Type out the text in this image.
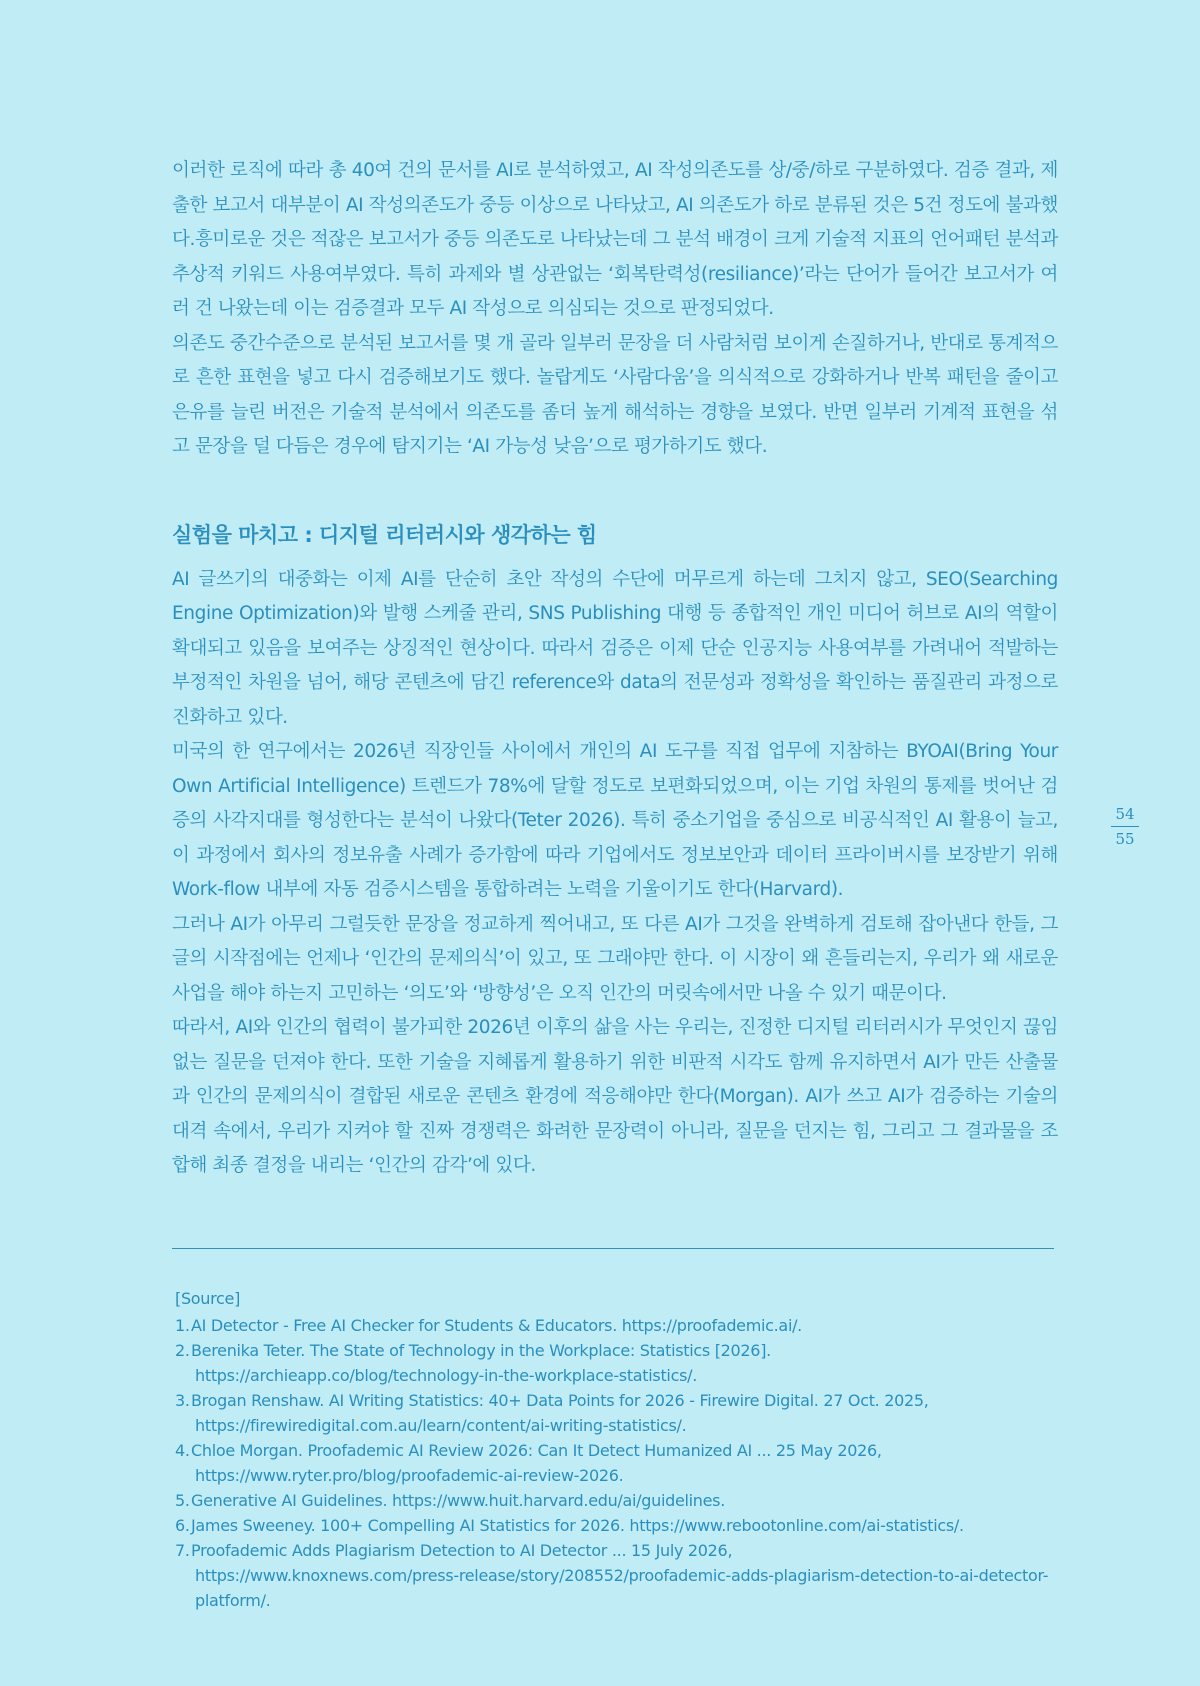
이러한 로직에 따라 총 40여 건의 문서를 AI로 분석하였고, AI 작성의존도를 상/중/하로 구분하였다. 검증 결과, 제출한 보고서 대부분이 AI 작성의존도가 중등 이상으로 나타났고, AI 의존도가 하로 분류된 것은 5건 정도에 불과했다.흥미로운 것은 적잖은 보고서가 중등 의존도로 나타났는데 그 분석 배경이 크게 기술적 지표의 언어패턴 분석과 추상적 키워드 사용여부였다. 특히 과제와 별 상관없는 ‘회복탄력성(resiliance)’라는 단어가 들어간 보고서가 여러 건 나왔는데 이는 검증결과 모두 AI 작성으로 의심되는 것으로 판정되었다.

의존도 중간수준으로 분석된 보고서를 몇 개 골라 일부러 문장을 더 사람처럼 보이게 손질하거나, 반대로 통계적으로 흔한 표현을 넣고 다시 검증해보기도 했다. 놀랍게도 ‘사람다움’을 의식적으로 강화하거나 반복 패턴을 줄이고 은유를 늘린 버전은 기술적 분석에서 의존도를 좀더 높게 해석하는 경향을 보였다. 반면 일부러 기계적 표현을 섞고 문장을 덜 다듬은 경우에 탐지기는 ‘AI 가능성 낮음’으로 평가하기도 했다.

실험을 마치고 : 디지털 리터러시와 생각하는 힘

AI 글쓰기의 대중화는 이제 AI를 단순히 초안 작성의 수단에 머무르게 하는데 그치지 않고, SEO(Searching Engine Optimization)와 발행 스케줄 관리, SNS Publishing 대행 등 종합적인 개인 미디어 허브로 AI의 역할이 확대되고 있음을 보여주는 상징적인 현상이다. 따라서 검증은 이제 단순 인공지능 사용여부를 가려내어 적발하는 부정적인 차원을 넘어, 해당 콘텐츠에 담긴 reference와 data의 전문성과 정확성을 확인하는 품질관리 과정으로 진화하고 있다.

미국의 한 연구에서는 2026년 직장인들 사이에서 개인의 AI 도구를 직접 업무에 지참하는 BYOAI(Bring Your Own Artificial Intelligence) 트렌드가 78%에 달할 정도로 보편화되었으며, 이는 기업 차원의 통제를 벗어난 검증의 사각지대를 형성한다는 분석이 나왔다(Teter 2026). 특히 중소기업을 중심으로 비공식적인 AI 활용이 늘고, 이 과정에서 회사의 정보유출 사례가 증가함에 따라 기업에서도 정보보안과 데이터 프라이버시를 보장받기 위해 Work-flow 내부에 자동 검증시스템을 통합하려는 노력을 기울이기도 한다(Harvard).

그러나 AI가 아무리 그럴듯한 문장을 정교하게 찍어내고, 또 다른 AI가 그것을 완벽하게 검토해 잡아낸다 한들, 그 글의 시작점에는 언제나 ‘인간의 문제의식’이 있고, 또 그래야만 한다. 이 시장이 왜 흔들리는지, 우리가 왜 새로운 사업을 해야 하는지 고민하는 ‘의도’와 ‘방향성’은 오직 인간의 머릿속에서만 나올 수 있기 때문이다.

따라서, AI와 인간의 협력이 불가피한 2026년 이후의 삶을 사는 우리는, 진정한 디지털 리터러시가 무엇인지 끊임없는 질문을 던져야 한다. 또한 기술을 지혜롭게 활용하기 위한 비판적 시각도 함께 유지하면서 AI가 만든 산출물과 인간의 문제의식이 결합된 새로운 콘텐츠 환경에 적응해야만 한다(Morgan). AI가 쓰고 AI가 검증하는 기술의 대격 속에서, 우리가 지켜야 할 진짜 경쟁력은 화려한 문장력이 아니라, 질문을 던지는 힘, 그리고 그 결과물을 조합해 최종 결정을 내리는 ‘인간의 감각’에 있다.

[Source]
1. AI Detector - Free AI Checker for Students & Educators. https://proofademic.ai/.
2. Berenika Teter. The State of Technology in the Workplace: Statistics [2026].
https://archieapp.co/blog/technology-in-the-workplace-statistics/.
3. Brogan Renshaw. AI Writing Statistics: 40+ Data Points for 2026 - Firewire Digital. 27 Oct. 2025,
https://firewiredigital.com.au/learn/content/ai-writing-statistics/.
4. Chloe Morgan. Proofademic AI Review 2026: Can It Detect Humanized AI ... 25 May 2026,
https://www.ryter.pro/blog/proofademic-ai-review-2026.
5. Generative AI Guidelines. https://www.huit.harvard.edu/ai/guidelines.
6. James Sweeney. 100+ Compelling AI Statistics for 2026. https://www.rebootonline.com/ai-statistics/.
7. Proofademic Adds Plagiarism Detection to AI Detector ... 15 July 2026,
https://www.knoxnews.com/press-release/story/208552/proofademic-adds-plagiarism-detection-to-ai-detector-platform/.
54
55
